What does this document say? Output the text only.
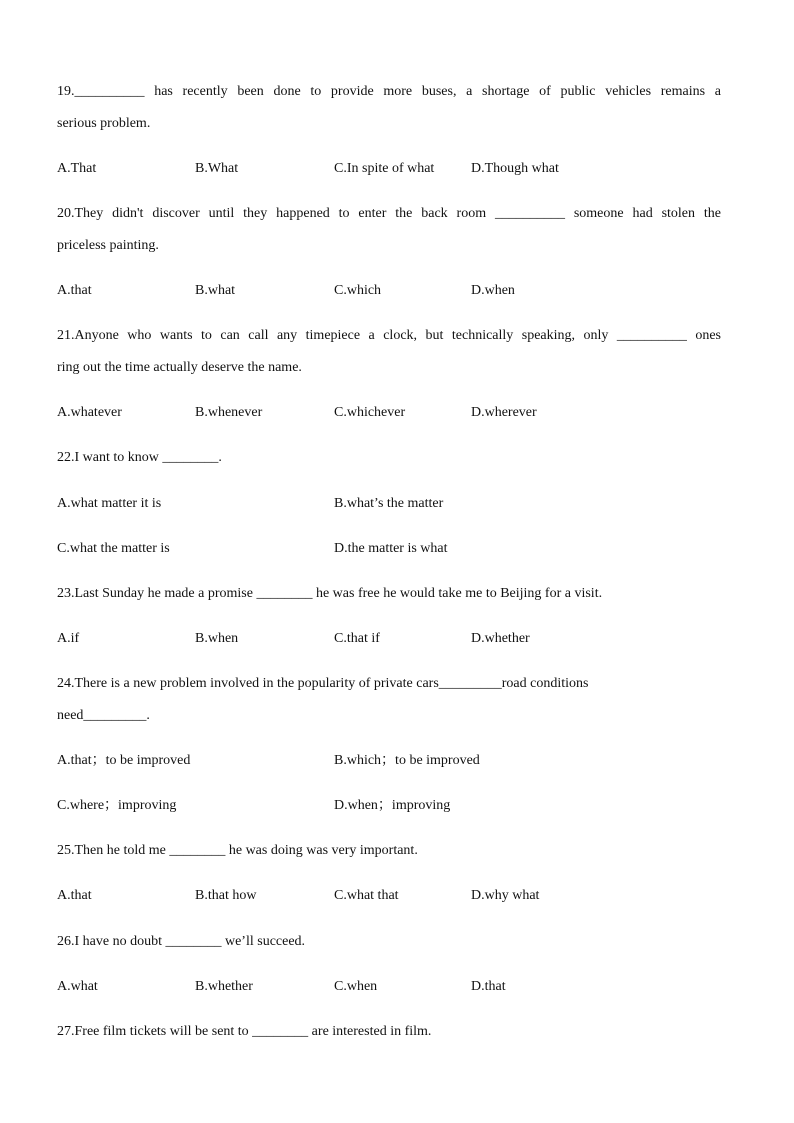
19.__________ has recently been done to provide more buses, a shortage of public vehicles remains a
serious problem.
A.That	B.What	C.In spite of what	D.Though what
20.They didn't discover until they happened to enter the back room __________ someone had stolen the
priceless painting.
A.that	B.what	C.which	D.when
21.Anyone who wants to can call any timepiece a clock, but technically speaking, only __________ ones
ring out the time actually deserve the name.
A.whatever	B.whenever	C.whichever	D.wherever
22.I want to know ________.
A.what matter it is	B.what’s the matter
C.what the matter is	D.the matter is what
23.Last Sunday he made a promise ________ he was free he would take me to Beijing for a visit.
A.if	B.when	C.that if	D.whether
24.There is a new problem involved in the popularity of private cars_________road conditions
need_________.
A.that；to be improved	B.which；to be improved
C.where；improving	D.when；improving
25.Then he told me ________ he was doing was very important.
A.that	B.that how	C.what that	D.why what
26.I have no doubt ________ we’ll succeed.
A.what	B.whether	C.when	D.that
27.Free film tickets will be sent to ________ are interested in film.
